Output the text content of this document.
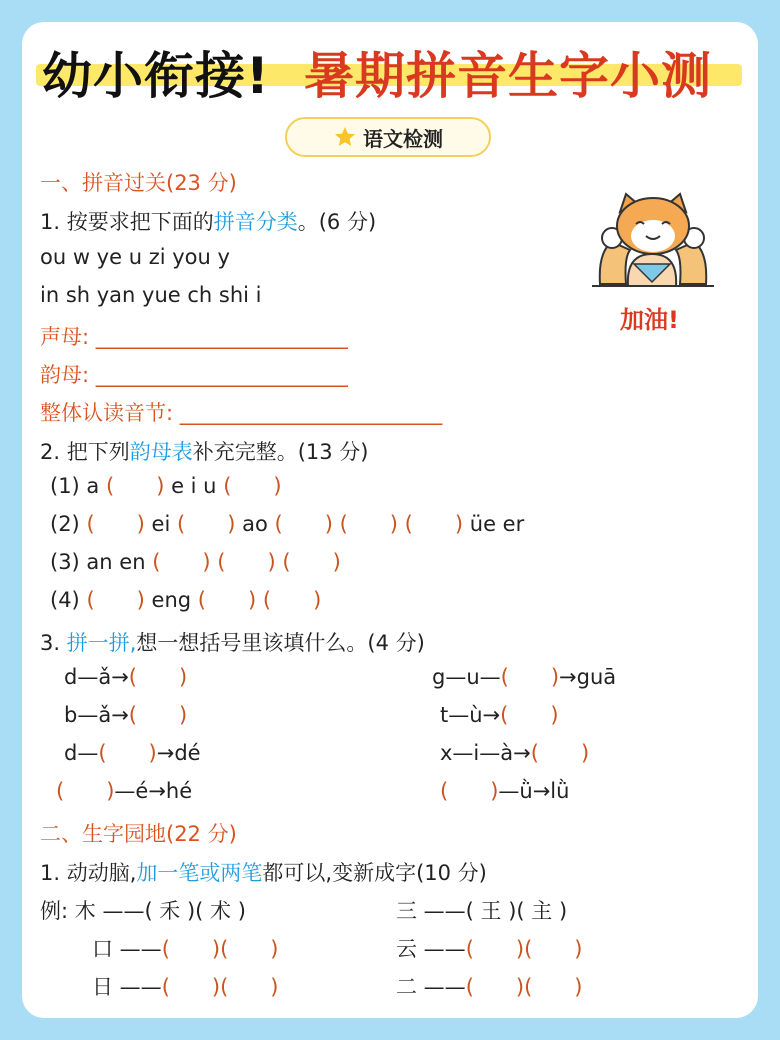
幼小衔接! 暑期拼音生字小测
语文检测
加油!
一、拼音过关(23 分)
1. 按要求把下面的拼音分类。(6 分)
ou w ye u zi you y
in sh yan yue ch shi i
声母: ________________________
韵母: ________________________
整体认读音节: _________________________
2. 把下列韵母表补充完整。(13 分)
(1) a (   ) e i u (   )
(2) (   ) ei (   ) ao (   ) (   ) (   ) üe er
(3) an en (   ) (   ) (   )
(4) (   ) eng (   ) (   )
3. 拼一拼,想一想括号里该填什么。(4 分)
d—ǎ→(   )	g—u—(   )→guā
b—ǎ→(   )	t—ù→(   )
d—(   )→dé	x—i—à→(   )
(   )—é→hé	(   )—ǜ→lǜ
二、生字园地(22 分)
1. 动动脑,加一笔或两笔都可以,变新成字(10 分)
例: 木 ——( 禾 )( 术 )	三 ——( 王 )( 主 )
口 ——(   )(   )	云 ——(   )(   )
日 ——(   )(   )	二 ——(   )(   )
